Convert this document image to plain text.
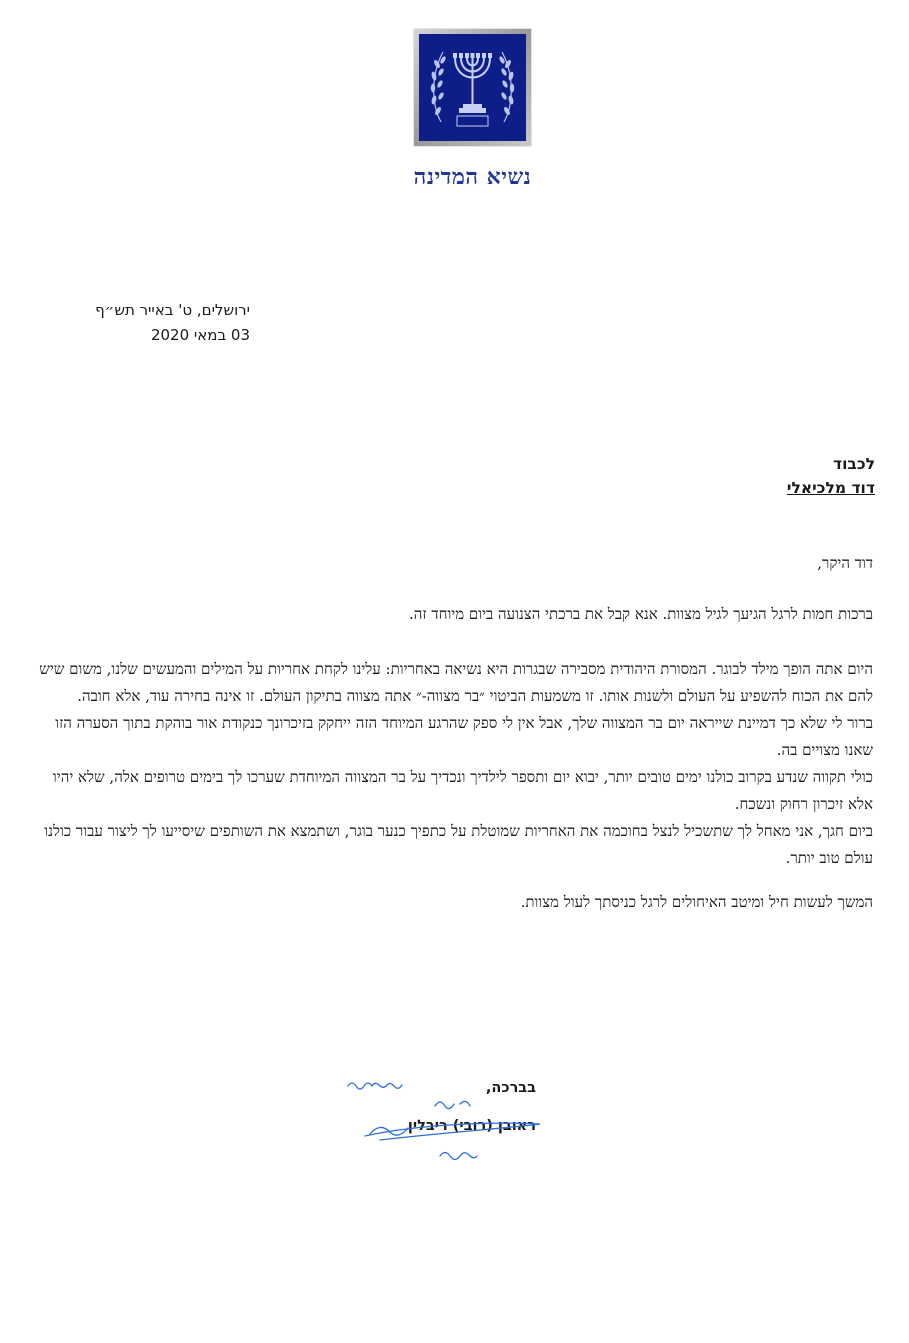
נשיא המדינה
ירושלים, ט' באייר תש״ף
03 במאי 2020
לכבוד
דוד מלכיאלי

דוד היקר,

ברכות חמות לרגל הגיעך לגיל מצוות. אנא קבל את ברכתי הצנועה ביום מיוחד זה.

היום אתה הופך מילד לבוגר. המסורת היהודית מסבירה שבגרות היא נשיאה באחריות: עלינו לקחת אחריות על המילים והמעשים שלנו, משום שיש להם את הכוח להשפיע על העולם ולשנות אותו. זו משמעות הביטוי ״בר מצווה-״ אתה מצווה בתיקון העולם. זו אינה בחירה עוד, אלא חובה.

ברור לי שלא כך דמיינת שייראה יום בר המצווה שלך, אבל אין לי ספק שהרגע המיוחד הזה ייחקק בזיכרונך כנקודת אור בוהקת בתוך הסערה הזו שאנו מצויים בה.

כולי תקווה שנדע בקרוב כולנו ימים טובים יותר, יבוא יום ותספר לילדיך ונכדיך על בר המצווה המיוחדת שערכו לך בימים טרופים אלה, שלא יהיו אלא זיכרון רחוק ונשכח.

ביום חגך, אני מאחל לך שתשכיל לנצל בחוכמה את האחריות שמוטלת על כתפיך כנער בוגר, ושתמצא את השותפים שיסייעו לך ליצור עבור כולנו עולם טוב יותר.

המשך לעשות חיל ומיטב האיחולים לרגל כניסתך לעול מצוות.

בברכה,
ראובן (רובי) ריבלין
